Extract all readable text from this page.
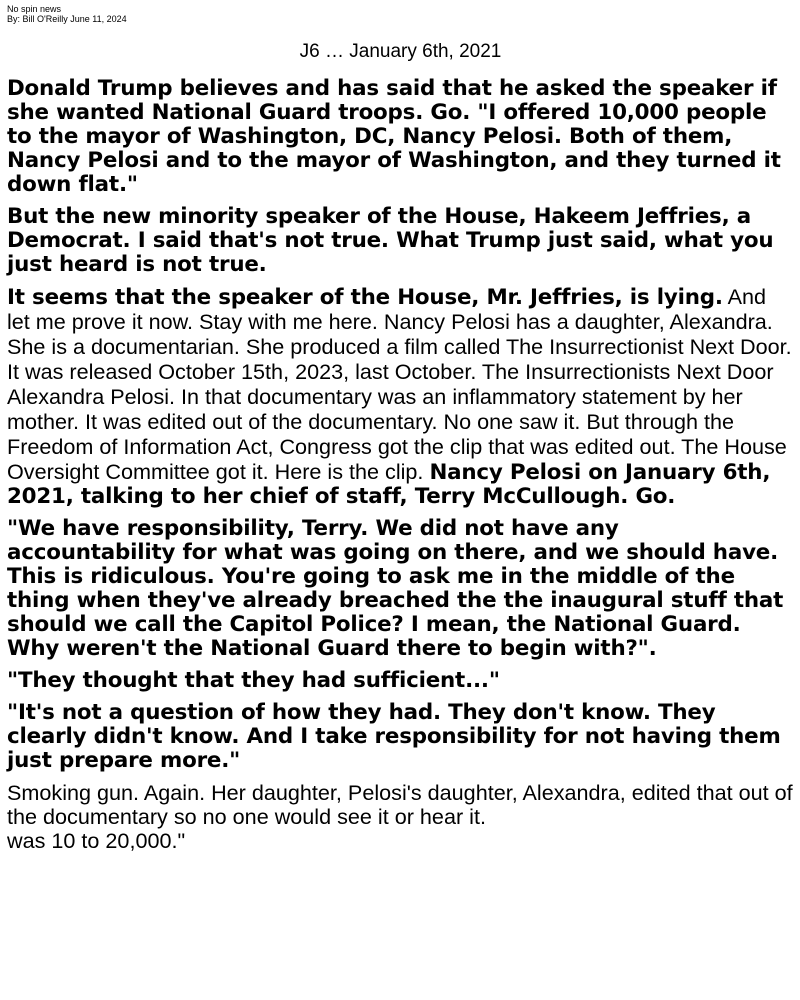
No spin news
By: Bill O'Reilly June 11, 2024
J6 … January 6th, 2021
Donald Trump believes and has said that he asked the speaker if she wanted National Guard troops. Go. "I offered 10,000 people to the mayor of Washington, DC, Nancy Pelosi. Both of them, Nancy Pelosi and to the mayor of Washington, and they turned it down flat."
But the new minority speaker of the House, Hakeem Jeffries, a Democrat. I said that's not true. What Trump just said, what you just heard is not true.
It seems that the speaker of the House, Mr. Jeffries, is lying. And let me prove it now. Stay with me here. Nancy Pelosi has a daughter, Alexandra. She is a documentarian. She produced a film called The Insurrectionist Next Door. It was released October 15th, 2023, last October. The Insurrectionists Next Door Alexandra Pelosi. In that documentary was an inflammatory statement by her mother. It was edited out of the documentary. No one saw it. But through the Freedom of Information Act, Congress got the clip that was edited out. The House Oversight Committee got it. Here is the clip. Nancy Pelosi on January 6th, 2021, talking to her chief of staff, Terry McCullough. Go.
"We have responsibility, Terry. We did not have any accountability for what was going on there, and we should have. This is ridiculous. You're going to ask me in the middle of the thing when they've already breached the the inaugural stuff that should we call the Capitol Police? I mean, the National Guard. Why weren't the National Guard there to begin with?".
"They thought that they had sufficient..."
"It's not a question of how they had. They don't know. They clearly didn't know. And I take responsibility for not having them just prepare more."
Smoking gun. Again. Her daughter, Pelosi's daughter, Alexandra, edited that out of the documentary so no one would see it or hear it.
was 10 to 20,000."
